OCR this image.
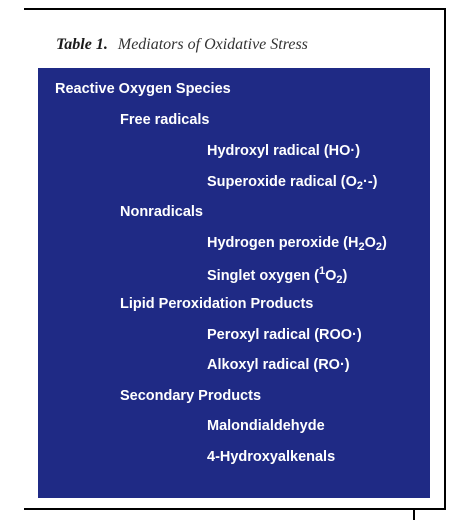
Table 1. Mediators of Oxidative Stress
Reactive Oxygen Species
Free radicals
Hydroxyl radical (HO·)
Superoxide radical $(O_2\cdot-)$
Nonradicals
Hydrogen peroxide $(H_2O_2)$
Singlet oxygen $(^1O_2)$
Lipid Peroxidation Products
Peroxyl radical (ROO·)
Alkoxyl radical (RO·)
Secondary Products
Malondialdehyde
4-Hydroxyalkenals
